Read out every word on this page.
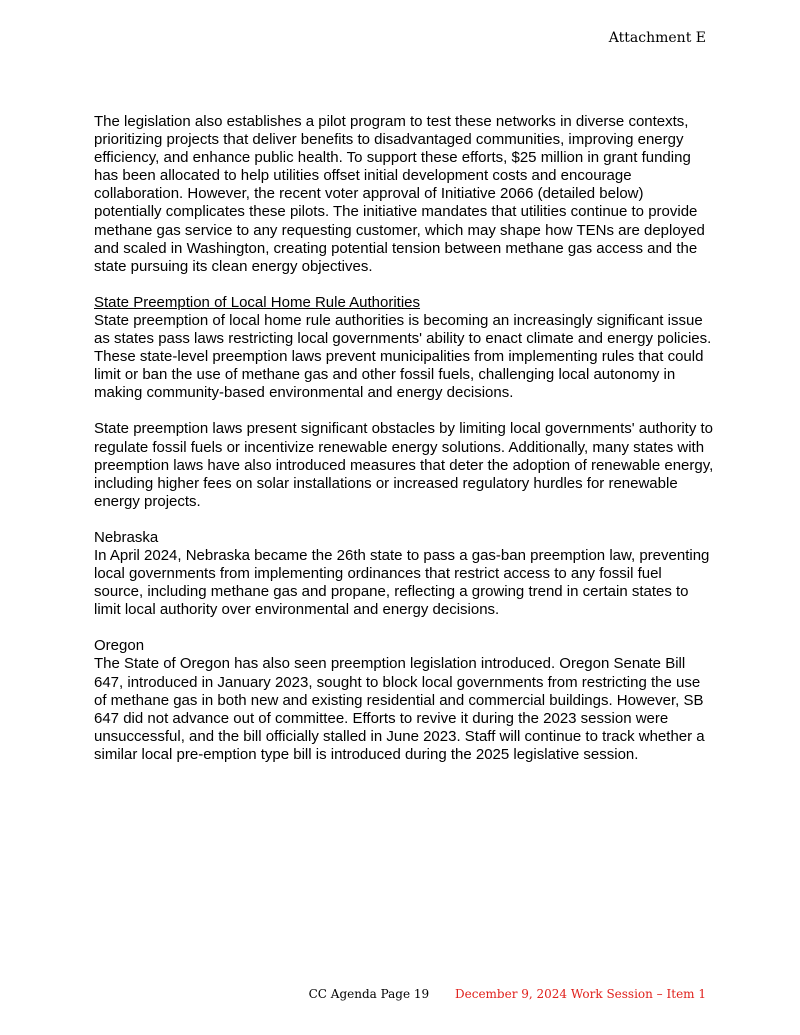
Attachment E

The legislation also establishes a pilot program to test these networks in diverse contexts, prioritizing projects that deliver benefits to disadvantaged communities, improving energy efficiency, and enhance public health. To support these efforts, $25 million in grant funding has been allocated to help utilities offset initial development costs and encourage collaboration. However, the recent voter approval of Initiative 2066 (detailed below) potentially complicates these pilots. The initiative mandates that utilities continue to provide methane gas service to any requesting customer, which may shape how TENs are deployed and scaled in Washington, creating potential tension between methane gas access and the state pursuing its clean energy objectives.

State Preemption of Local Home Rule Authorities

State preemption of local home rule authorities is becoming an increasingly significant issue as states pass laws restricting local governments' ability to enact climate and energy policies. These state-level preemption laws prevent municipalities from implementing rules that could limit or ban the use of methane gas and other fossil fuels, challenging local autonomy in making community-based environmental and energy decisions.

State preemption laws present significant obstacles by limiting local governments' authority to regulate fossil fuels or incentivize renewable energy solutions. Additionally, many states with preemption laws have also introduced measures that deter the adoption of renewable energy, including higher fees on solar installations or increased regulatory hurdles for renewable energy projects.

Nebraska

In April 2024, Nebraska became the 26th state to pass a gas-ban preemption law, preventing local governments from implementing ordinances that restrict access to any fossil fuel source, including methane gas and propane, reflecting a growing trend in certain states to limit local authority over environmental and energy decisions.

Oregon

The State of Oregon has also seen preemption legislation introduced. Oregon Senate Bill 647, introduced in January 2023, sought to block local governments from restricting the use of methane gas in both new and existing residential and commercial buildings. However, SB 647 did not advance out of committee. Efforts to revive it during the 2023 session were unsuccessful, and the bill officially stalled in June 2023. Staff will continue to track whether a similar local pre-emption type bill is introduced during the 2025 legislative session.

CC Agenda Page 19 December 9, 2024 Work Session – Item 1
